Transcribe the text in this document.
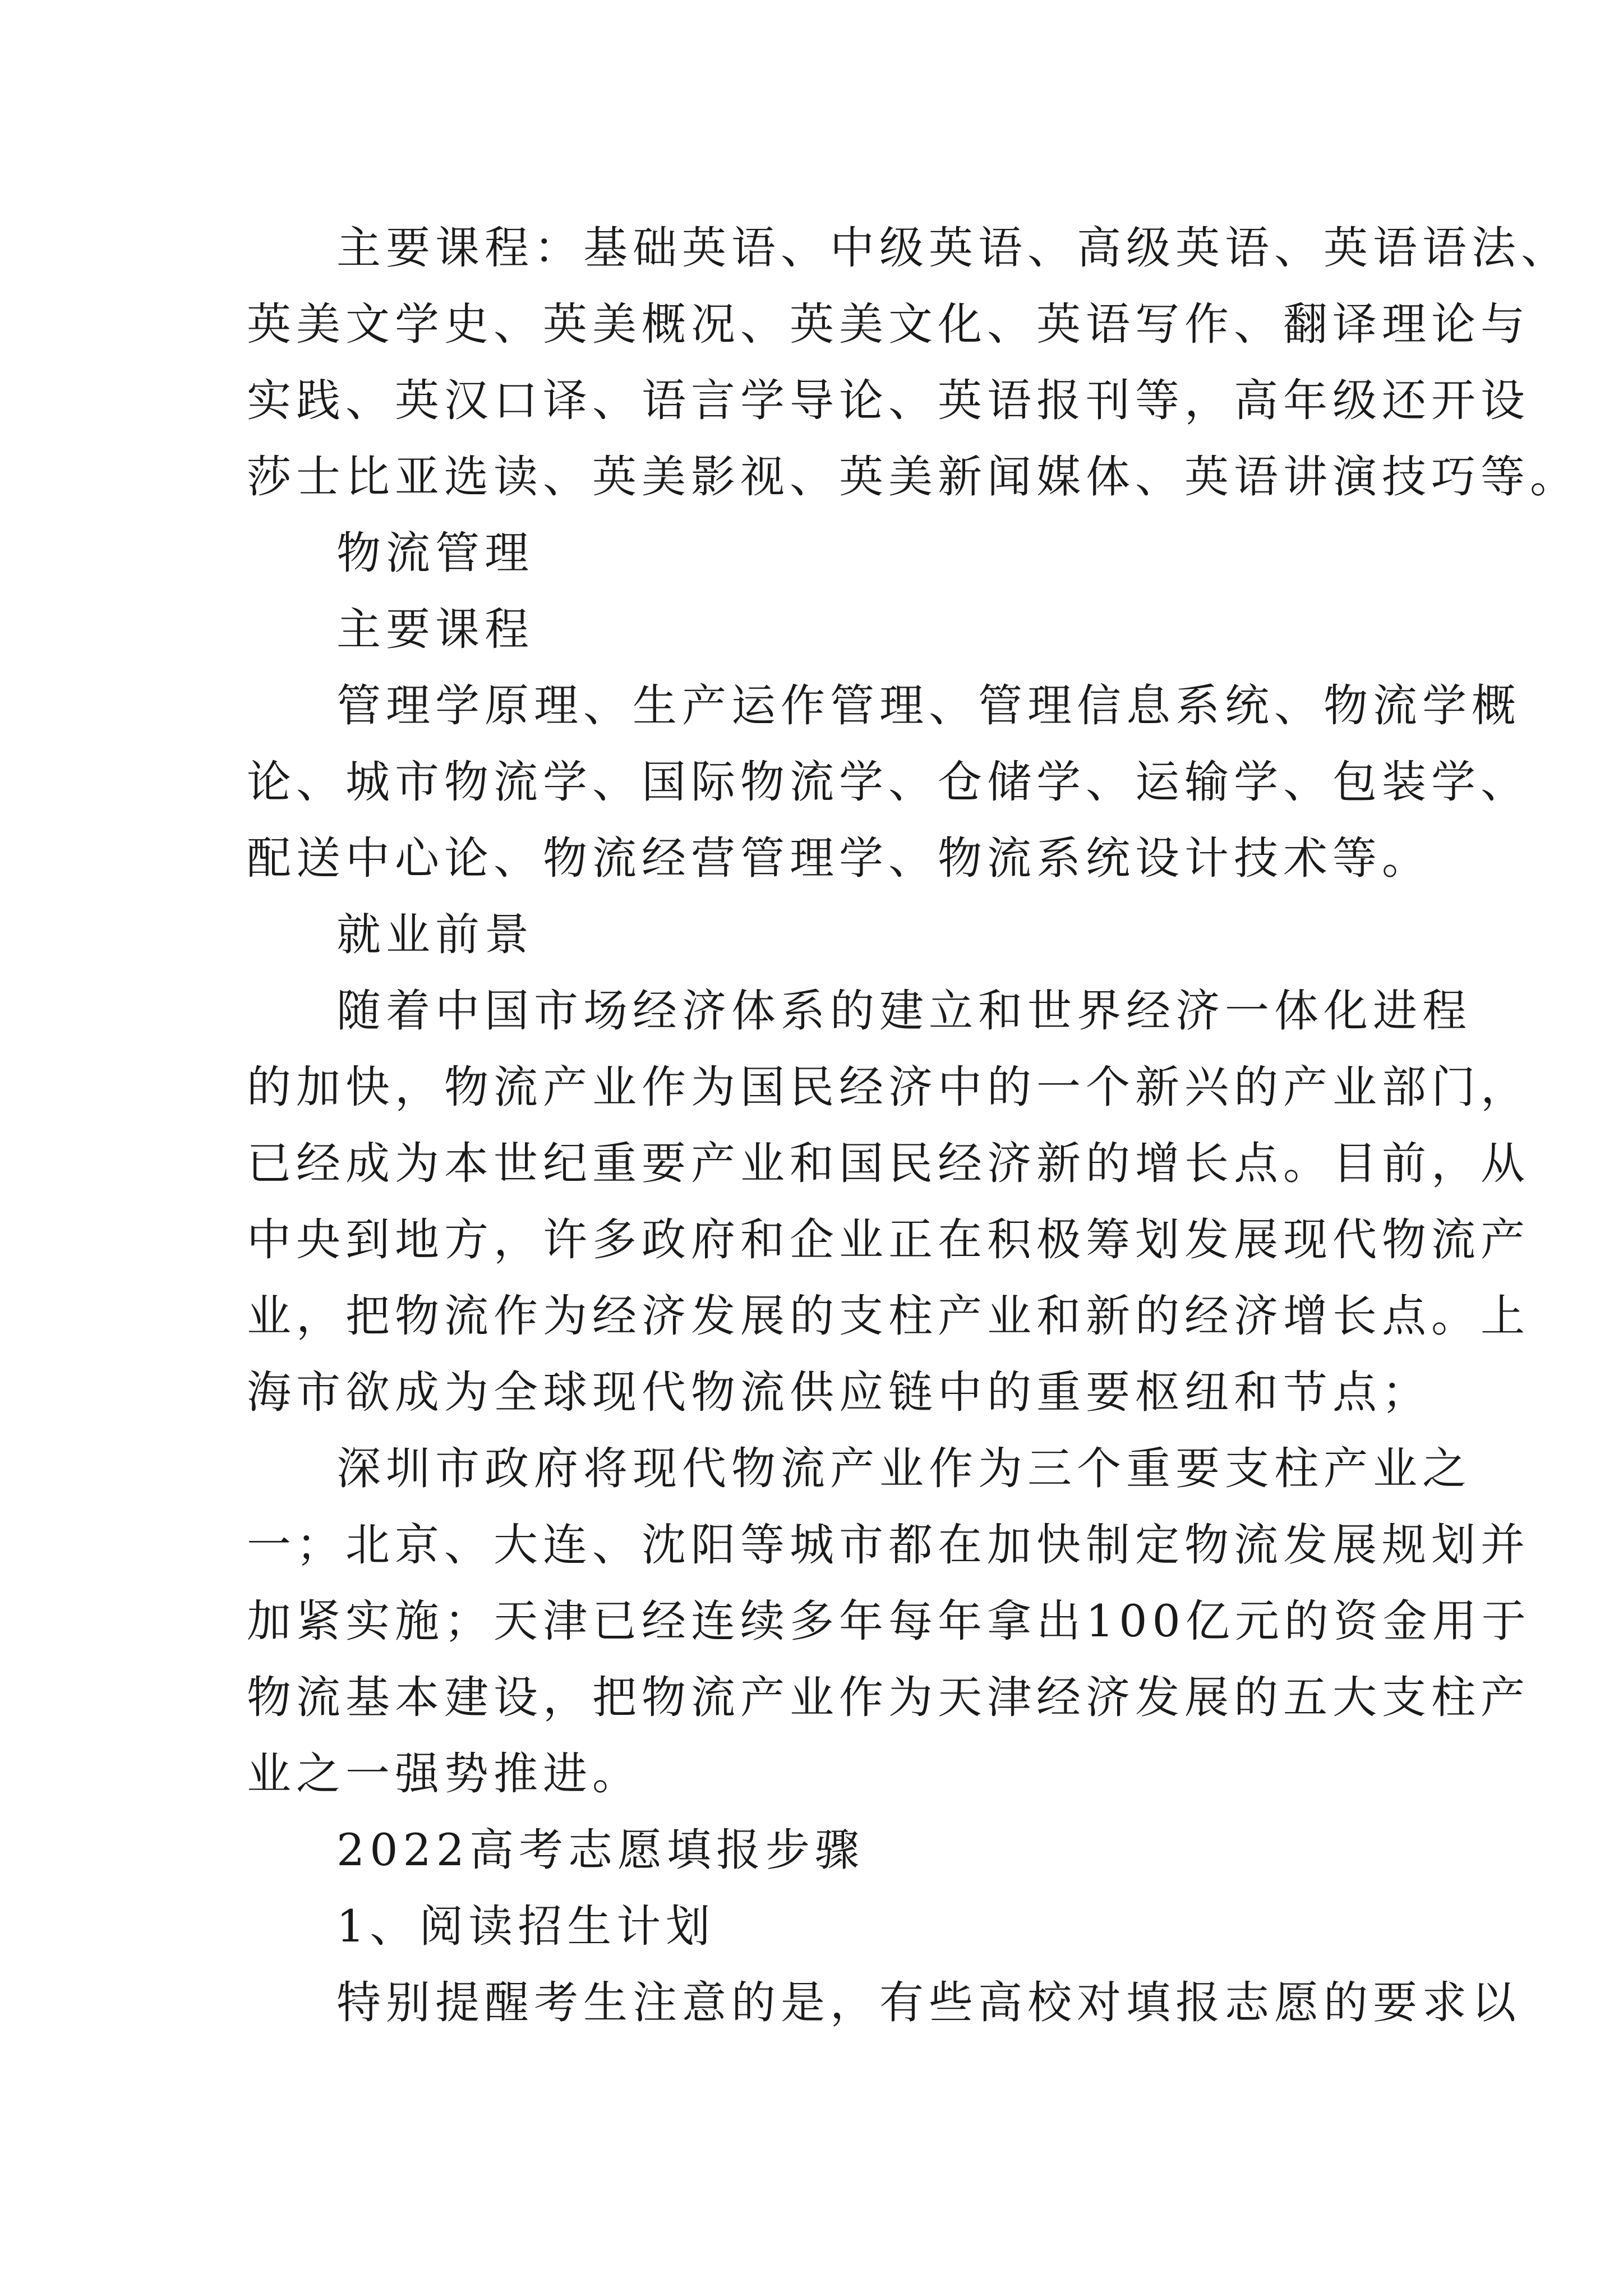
主要课程：基础英语、中级英语、高级英语、英语语法、
英美文学史、英美概况、英美文化、英语写作、翻译理论与
实践、英汉口译、语言学导论、英语报刊等，高年级还开设
莎士比亚选读、英美影视、英美新闻媒体、英语讲演技巧等。
物流管理
主要课程
管理学原理、生产运作管理、管理信息系统、物流学概
论、城市物流学、国际物流学、仓储学、运输学、包装学、
配送中心论、物流经营管理学、物流系统设计技术等。
就业前景
随着中国市场经济体系的建立和世界经济一体化进程
的加快，物流产业作为国民经济中的一个新兴的产业部门，
已经成为本世纪重要产业和国民经济新的增长点。目前，从
中央到地方，许多政府和企业正在积极筹划发展现代物流产
业，把物流作为经济发展的支柱产业和新的经济增长点。上
海市欲成为全球现代物流供应链中的重要枢纽和节点；
深圳市政府将现代物流产业作为三个重要支柱产业之
一；北京、大连、沈阳等城市都在加快制定物流发展规划并
加紧实施；天津已经连续多年每年拿出100亿元的资金用于
物流基本建设，把物流产业作为天津经济发展的五大支柱产
业之一强势推进。
2022高考志愿填报步骤
1、阅读招生计划
特别提醒考生注意的是，有些高校对填报志愿的要求以
